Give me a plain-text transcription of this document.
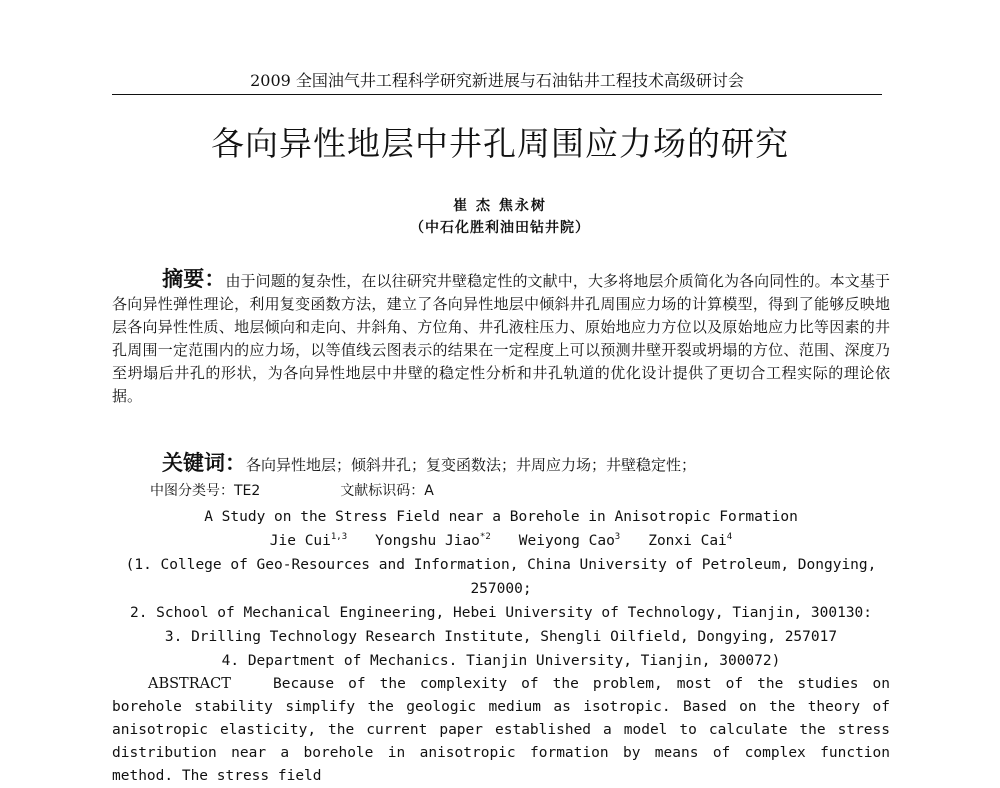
2009 全国油气井工程科学研究新进展与石油钻井工程技术高级研讨会
各向异性地层中井孔周围应力场的研究
崔 杰 焦永树
（中石化胜利油田钻井院）
摘要：由于问题的复杂性，在以往研究井壁稳定性的文献中，大多将地层介质简化为各向同性的。本文基于各向异性弹性理论，利用复变函数方法，建立了各向异性地层中倾斜井孔周围应力场的计算模型，得到了能够反映地层各向异性性质、地层倾向和走向、井斜角、方位角、井孔液柱压力、原始地应力方位以及原始地应力比等因素的井孔周围一定范围内的应力场，以等值线云图表示的结果在一定程度上可以预测井壁开裂或坍塌的方位、范围、深度乃至坍塌后井孔的形状，为各向异性地层中井壁的稳定性分析和井孔轨道的优化设计提供了更切合工程实际的理论依据。
关键词：各向异性地层；倾斜井孔；复变函数法；井周应力场；井壁稳定性；
中图分类号：TE2	文献标识码：A
A Study on the Stress Field near a Borehole in Anisotropic Formation
Jie Cui$^{1,3}$ Yongshu Jiao$^{*2}$ Weiyong Cao$^3$ Zonxi Cai$^4$
(1. College of Geo-Resources and Information, China University of Petroleum, Dongying,
257000;
2. School of Mechanical Engineering, Hebei University of Technology, Tianjin, 300130:
3. Drilling Technology Research Institute, Shengli Oilfield, Dongying, 257017
4. Department of Mechanics. Tianjin University, Tianjin, 300072)
ABSTRACT	Because of the complexity of the problem, most of the studies on borehole stability simplify the geologic medium as isotropic. Based on the theory of anisotropic elasticity, the current paper established a model to calculate the stress distribution near a borehole in anisotropic formation by means of complex function method. The stress field
